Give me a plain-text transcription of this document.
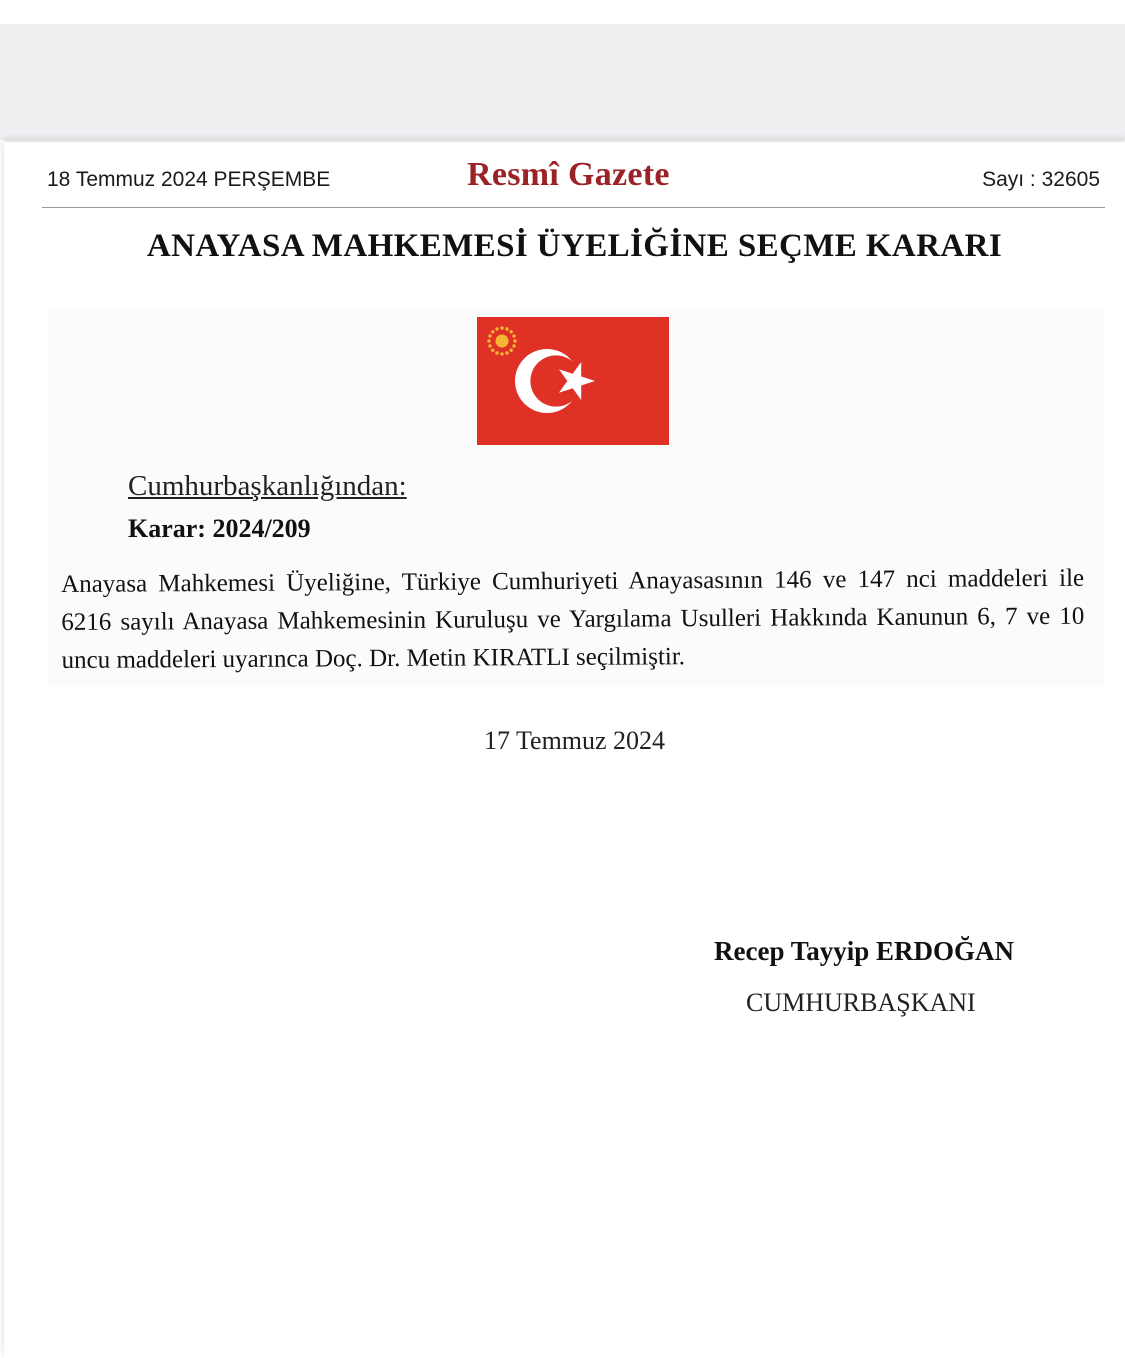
18 Temmuz 2024 PERŞEMBE	Resmî Gazete	Sayı : 32605
ANAYASA MAHKEMESİ ÜYELİĞİNE SEÇME KARARI
Cumhurbaşkanlığından:
Karar: 2024/209
Anayasa Mahkemesi Üyeliğine, Türkiye Cumhuriyeti Anayasasının 146 ve 147 nci maddeleri ile 6216 sayılı Anayasa Mahkemesinin Kuruluşu ve Yargılama Usulleri Hakkında Kanunun 6, 7 ve 10 uncu maddeleri uyarınca Doç. Dr. Metin KIRATLI seçilmiştir.
17 Temmuz 2024
Recep Tayyip ERDOĞAN
CUMHURBAŞKANI
